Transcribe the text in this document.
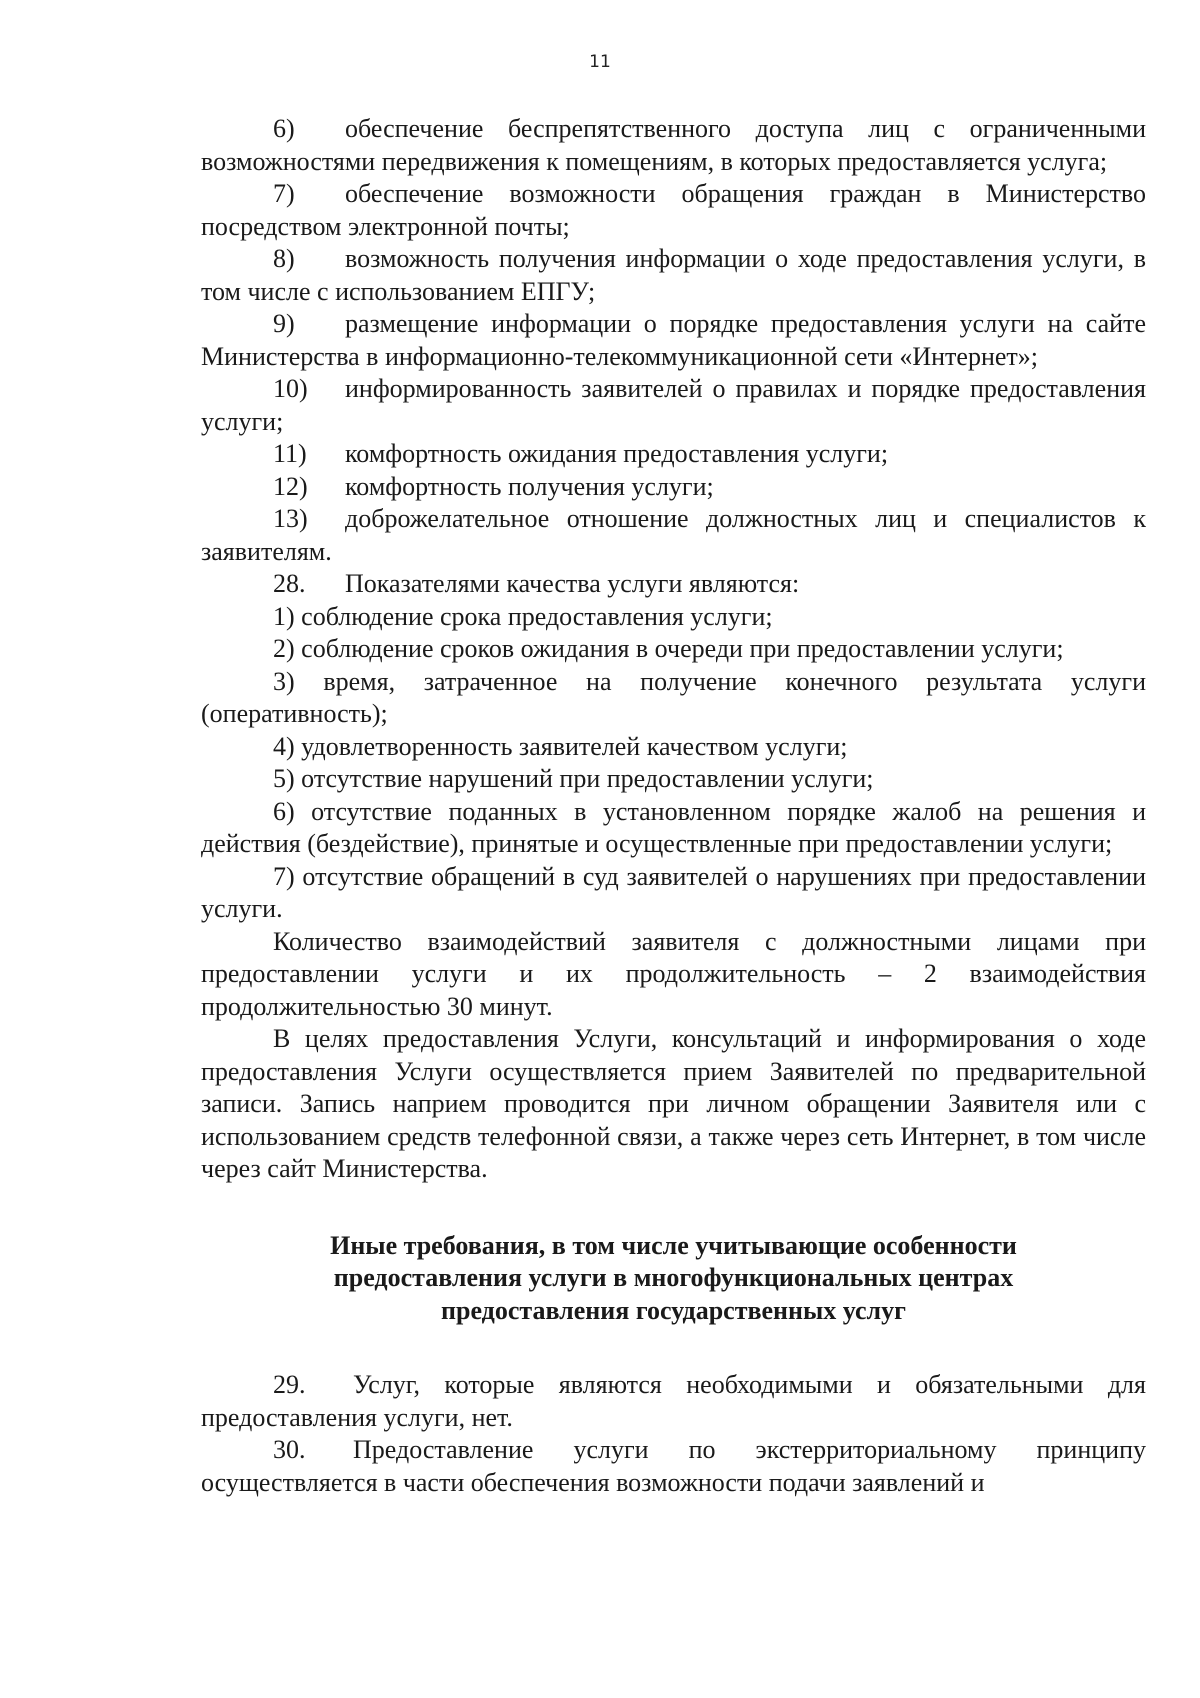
11

6) обеспечение беспрепятственного доступа лиц с ограниченными возможностями передвижения к помещениям, в которых предоставляется услуга;

7) обеспечение возможности обращения граждан в Министерство посредством электронной почты;

8) возможность получения информации о ходе предоставления услуги, в том числе с использованием ЕПГУ;

9) размещение информации о порядке предоставления услуги на сайте Министерства в информационно-телекоммуникационной сети «Интернет»;

10) информированность заявителей о правилах и порядке предоставления услуги;

11) комфортность ожидания предоставления услуги;

12) комфортность получения услуги;

13) доброжелательное отношение должностных лиц и специалистов к заявителям.

28. Показателями качества услуги являются:

1) соблюдение срока предоставления услуги;

2) соблюдение сроков ожидания в очереди при предоставлении услуги;

3) время, затраченное на получение конечного результата услуги (оперативность);

4) удовлетворенность заявителей качеством услуги;

5) отсутствие нарушений при предоставлении услуги;

6) отсутствие поданных в установленном порядке жалоб на решения и действия (бездействие), принятые и осуществленные при предоставлении услуги;

7) отсутствие обращений в суд заявителей о нарушениях при предоставлении услуги.

Количество взаимодействий заявителя с должностными лицами при предоставлении услуги и их продолжительность – 2 взаимодействия продолжительностью 30 минут.

В целях предоставления Услуги, консультаций и информирования о ходе предоставления Услуги осуществляется прием Заявителей по предварительной записи. Запись наприем проводится при личном обращении Заявителя или с использованием средств телефонной связи, а также через сеть Интернет, в том числе через сайт Министерства.

Иные требования, в том числе учитывающие особенности предоставления услуги в многофункциональных центрах предоставления государственных услуг

29. Услуг, которые являются необходимыми и обязательными для предоставления услуги, нет.

30. Предоставление услуги по экстерриториальному принципу осуществляется в части обеспечения возможности подачи заявлений и
